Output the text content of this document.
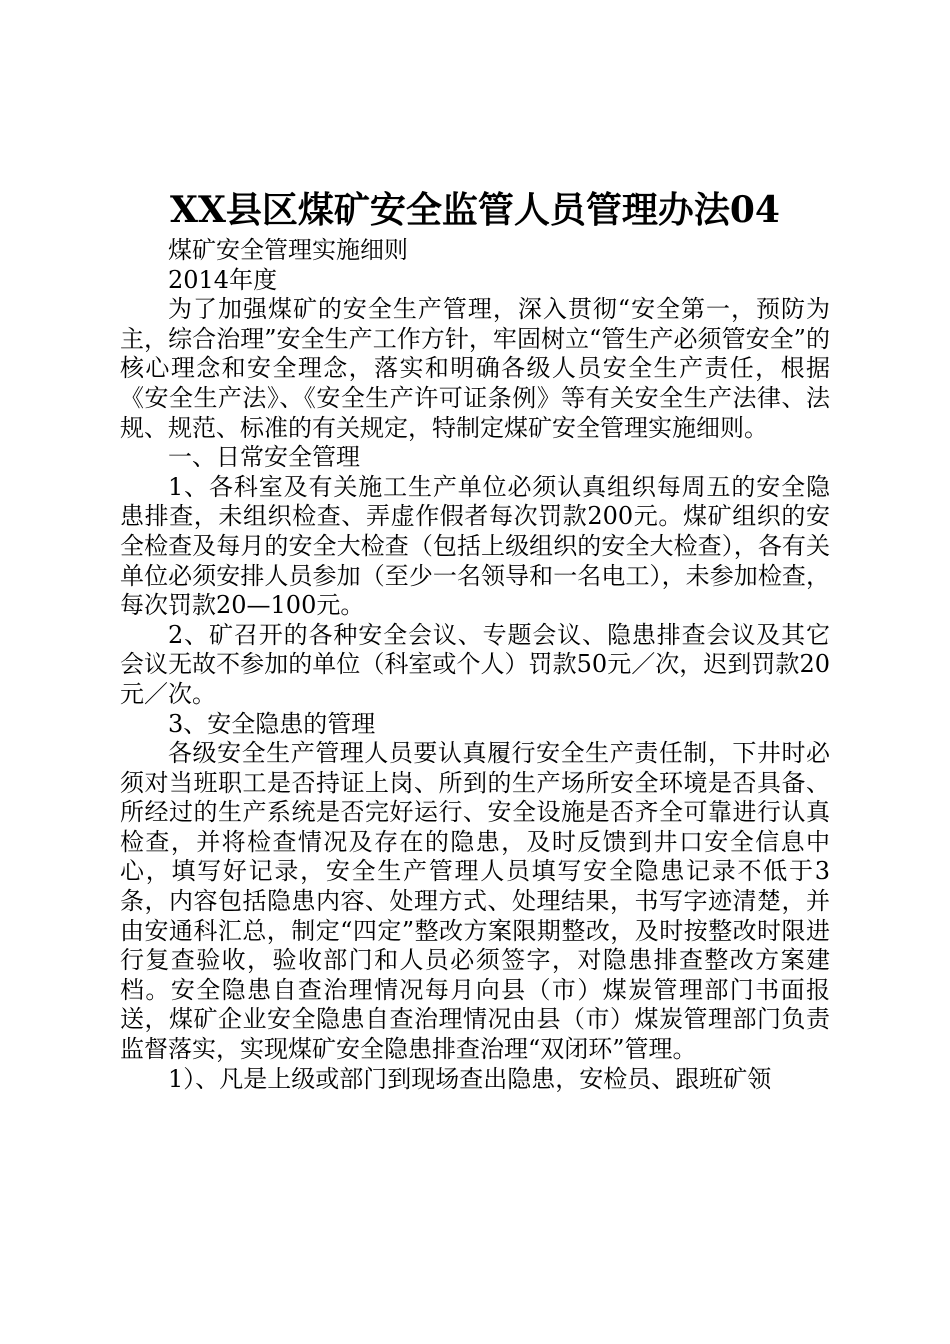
XX县区煤矿安全监管人员管理办法04

煤矿安全管理实施细则

2014年度

为了加强煤矿的安全生产管理，深入贯彻“安全第一，预防为主，综合治理”安全生产工作方针，牢固树立“管生产必须管安全”的核心理念和安全理念，落实和明确各级人员安全生产责任，根据《安全生产法》、《安全生产许可证条例》等有关安全生产法律、法规、规范、标准的有关规定，特制定煤矿安全管理实施细则。

一、日常安全管理

1、各科室及有关施工生产单位必须认真组织每周五的安全隐患排查，未组织检查、弄虚作假者每次罚款200元。煤矿组织的安全检查及每月的安全大检查（包括上级组织的安全大检查），各有关单位必须安排人员参加（至少一名领导和一名电工），未参加检查，每次罚款20—100元。

2、矿召开的各种安全会议、专题会议、隐患排查会议及其它会议无故不参加的单位（科室或个人）罚款50元／次，迟到罚款20元／次。

3、安全隐患的管理

各级安全生产管理人员要认真履行安全生产责任制，下井时必须对当班职工是否持证上岗、所到的生产场所安全环境是否具备、所经过的生产系统是否完好运行、安全设施是否齐全可靠进行认真检查，并将检查情况及存在的隐患，及时反馈到井口安全信息中心，填写好记录，安全生产管理人员填写安全隐患记录不低于3条，内容包括隐患内容、处理方式、处理结果，书写字迹清楚，并由安通科汇总，制定“四定”整改方案限期整改，及时按整改时限进行复查验收，验收部门和人员必须签字，对隐患排查整改方案建档。安全隐患自查治理情况每月向县（市）煤炭管理部门书面报送，煤矿企业安全隐患自查治理情况由县（市）煤炭管理部门负责监督落实，实现煤矿安全隐患排查治理“双闭环”管理。

1）、凡是上级或部门到现场查出隐患，安检员、跟班矿领
